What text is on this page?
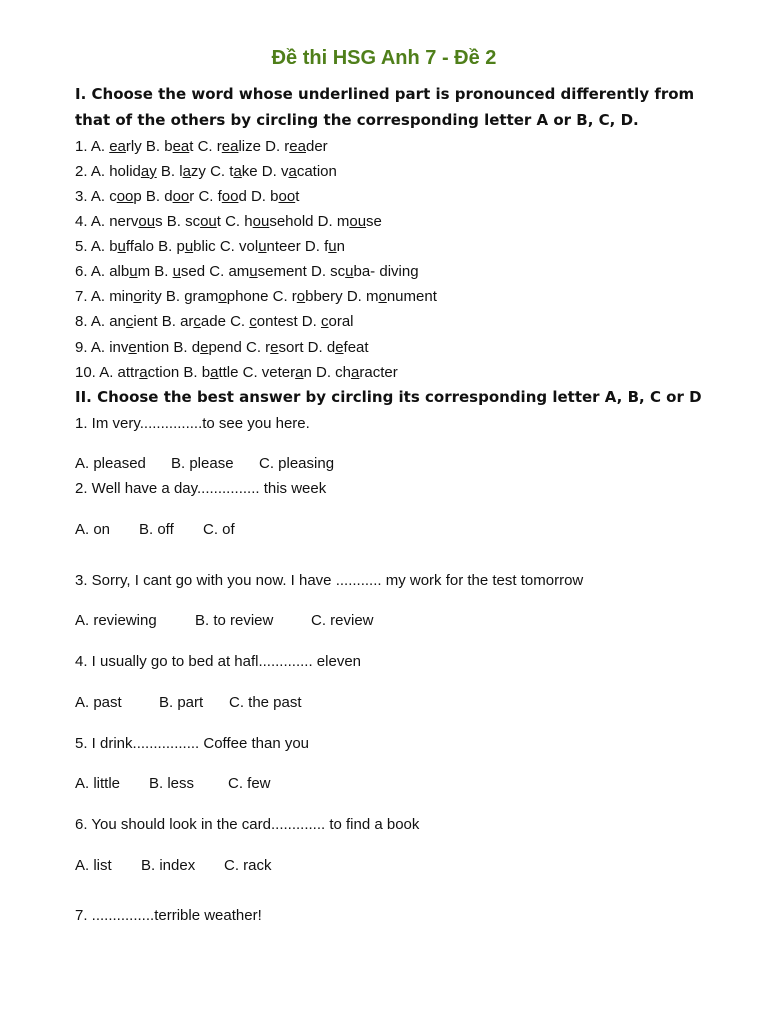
Đề thi HSG Anh 7 - Đề 2
I. Choose the word whose underlined part is pronounced differently from that of the others by circling the corresponding letter A or B, C, D.
1. A. early B. beat C. realize D. reader
2. A. holiday B. lazy C. take D. vacation
3. A. coop B. door C. food D. boot
4. A. nervous B. scout C. household D. mouse
5. A. buffalo B. public C. volunteer D. fun
6. A. album B. used C. amusement D. scuba- diving
7. A. minority B. gramophone C. robbery D. monument
8. A. ancient B. arcade C. contest D. coral
9. A. invention B. depend C. resort D. defeat
10. A. attraction B. battle C. veteran D. character
II. Choose the best answer by circling its corresponding letter A, B, C or D
1. Im very...............to see you here.
A. pleased B. please C. pleasing
2. Well have a day............... this week
A. on B. off C. of
3. Sorry, I cant go with you now. I have ........... my work for the test tomorrow
A. reviewing	B. to review	C. review
4. I usually go to bed at hafl............. eleven
A. past B. part C. the past
5. I drink................ Coffee than you
A. little B. less C. few
6. You should look in the card............. to find a book
A. list B. index C. rack
7. ...............terrible weather!
